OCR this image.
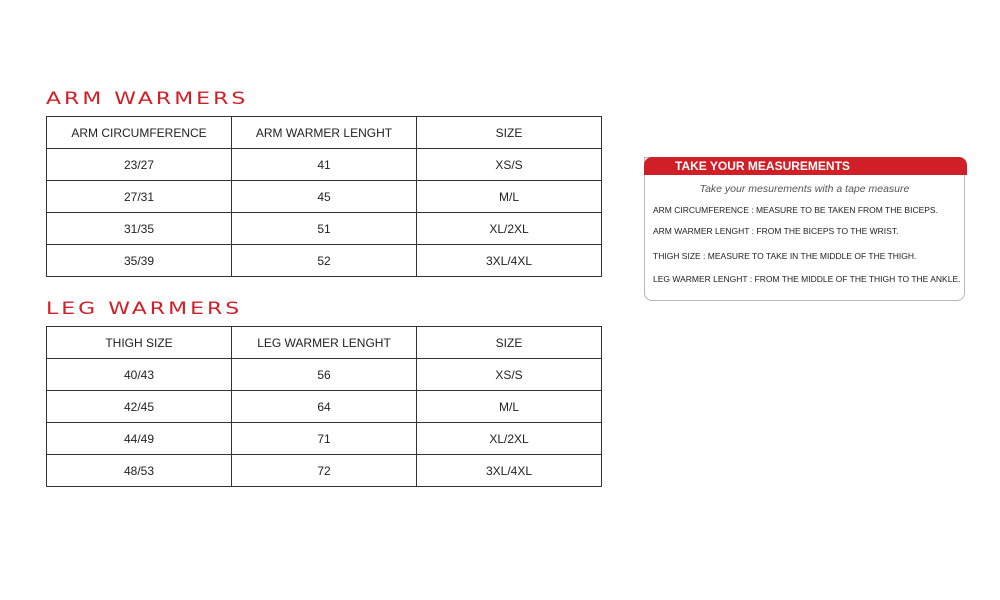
ARM WARMERS
ARM CIRCUMFERENCE	ARM WARMER LENGHT	SIZE
23/27	41	XS/S
27/31	45	M/L
31/35	51	XL/2XL
35/39	52	3XL/4XL
LEG WARMERS
THIGH SIZE	LEG WARMER LENGHT	SIZE
40/43	56	XS/S
42/45	64	M/L
44/49	71	XL/2XL
48/53	72	3XL/4XL
TAKE YOUR MEASUREMENTS
Take your mesurements with a tape measure
ARM CIRCUMFERENCE : MEASURE TO BE TAKEN FROM THE BICEPS.
ARM WARMER LENGHT : FROM THE BICEPS TO THE WRIST.
THIGH SIZE : MEASURE TO TAKE IN THE MIDDLE OF THE THIGH.
LEG WARMER LENGHT : FROM THE MIDDLE OF THE THIGH TO THE ANKLE.
